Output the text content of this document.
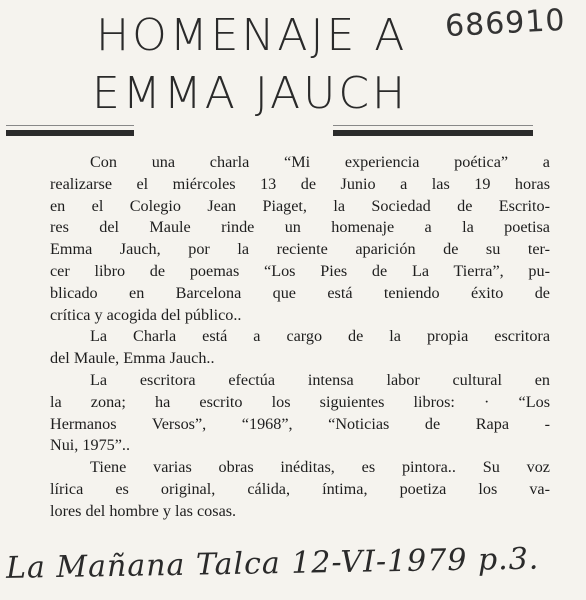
HOMENAJE A
EMMA JAUCH
686910
Con una charla “Mi experiencia poética” a
realizarse el miércoles 13 de Junio a las 19 horas
en el Colegio Jean Piaget, la Sociedad de Escrito-
res del Maule rinde un homenaje a la poetisa
Emma Jauch, por la reciente aparición de su ter-
cer libro de poemas “Los Pies de La Tierra”, pu-
blicado en Barcelona que está teniendo éxito de
crítica y acogida del público..
La Charla está a cargo de la propia escritora
del Maule, Emma Jauch..
La escritora efectúa intensa labor cultural en
la zona; ha escrito los siguientes libros: · “Los
Hermanos Versos”, “1968”, “Noticias de Rapa -
Nui, 1975”..
Tiene varias obras inéditas, es pintora.. Su voz
lírica es original, cálida, íntima, poetiza los va-
lores del hombre y las cosas.
La Mañana Talca 12-VI-1979 p.3.
